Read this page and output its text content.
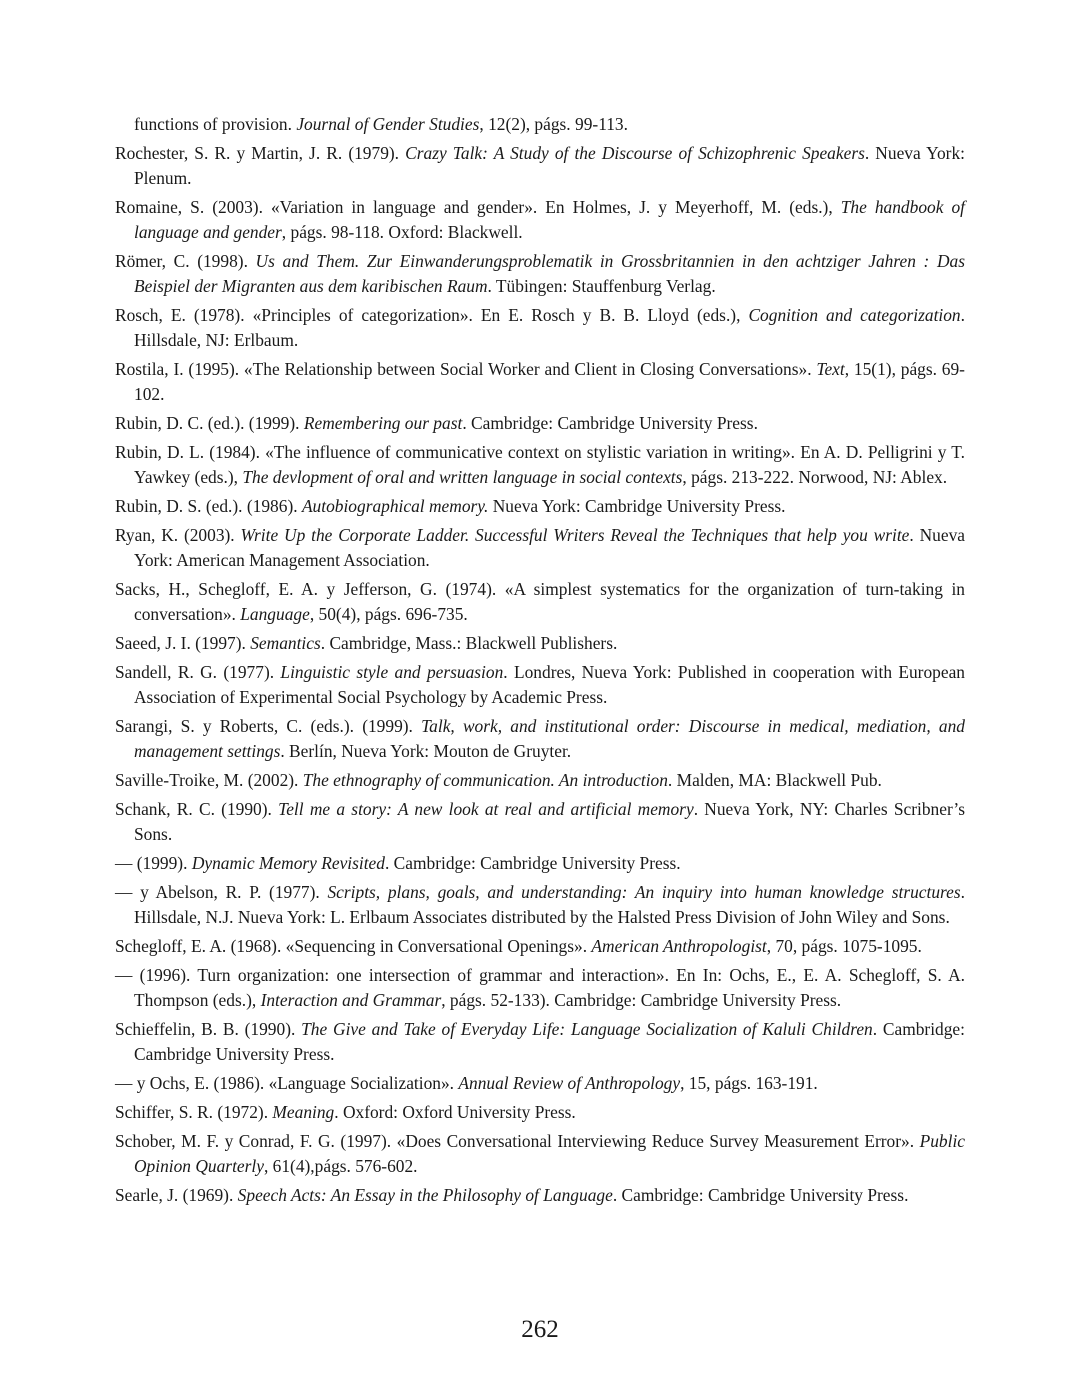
functions of provision. Journal of Gender Studies, 12(2), págs. 99-113.

Rochester, S. R. y Martin, J. R. (1979). Crazy Talk: A Study of the Discourse of Schizophrenic Speakers. Nueva York: Plenum.

Romaine, S. (2003). «Variation in language and gender». En Holmes, J. y Meyerhoff, M. (eds.), The handbook of language and gender, págs. 98-118. Oxford: Blackwell.

Römer, C. (1998). Us and Them. Zur Einwanderungsproblematik in Grossbritannien in den achtziger Jahren : Das Beispiel der Migranten aus dem karibischen Raum. Tübingen: Stauffenburg Verlag.

Rosch, E. (1978). «Principles of categorization». En E. Rosch y B. B. Lloyd (eds.), Cognition and categorization. Hillsdale, NJ: Erlbaum.

Rostila, I. (1995). «The Relationship between Social Worker and Client in Closing Conversations». Text, 15(1), págs. 69-102.

Rubin, D. C. (ed.). (1999). Remembering our past. Cambridge: Cambridge University Press.

Rubin, D. L. (1984). «The influence of communicative context on stylistic variation in writing». En A. D. Pelligrini y T. Yawkey (eds.), The devlopment of oral and written language in social contexts, págs. 213-222. Norwood, NJ: Ablex.

Rubin, D. S. (ed.). (1986). Autobiographical memory. Nueva York: Cambridge University Press.

Ryan, K. (2003). Write Up the Corporate Ladder. Successful Writers Reveal the Techniques that help you write. Nueva York: American Management Association.

Sacks, H., Schegloff, E. A. y Jefferson, G. (1974). «A simplest systematics for the organization of turn-taking in conversation». Language, 50(4), págs. 696-735.

Saeed, J. I. (1997). Semantics. Cambridge, Mass.: Blackwell Publishers.

Sandell, R. G. (1977). Linguistic style and persuasion. Londres, Nueva York: Published in cooperation with European Association of Experimental Social Psychology by Academic Press.

Sarangi, S. y Roberts, C. (eds.). (1999). Talk, work, and institutional order: Discourse in medical, mediation, and management settings. Berlín, Nueva York: Mouton de Gruyter.

Saville-Troike, M. (2002). The ethnography of communication. An introduction. Malden, MA: Blackwell Pub.

Schank, R. C. (1990). Tell me a story: A new look at real and artificial memory. Nueva York, NY: Charles Scribner’s Sons.

— (1999). Dynamic Memory Revisited. Cambridge: Cambridge University Press.

— y Abelson, R. P. (1977). Scripts, plans, goals, and understanding: An inquiry into human knowledge structures. Hillsdale, N.J. Nueva York: L. Erlbaum Associates distributed by the Halsted Press Division of John Wiley and Sons.

Schegloff, E. A. (1968). «Sequencing in Conversational Openings». American Anthropologist, 70, págs. 1075-1095.

— (1996). Turn organization: one intersection of grammar and interaction». En In: Ochs, E., E. A. Schegloff, S. A. Thompson (eds.), Interaction and Grammar, págs. 52-133). Cambridge: Cambridge University Press.

Schieffelin, B. B. (1990). The Give and Take of Everyday Life: Language Socialization of Kaluli Children. Cambridge: Cambridge University Press.

— y Ochs, E. (1986). «Language Socialization». Annual Review of Anthropology, 15, págs. 163-191.

Schiffer, S. R. (1972). Meaning. Oxford: Oxford University Press.

Schober, M. F. y Conrad, F. G. (1997). «Does Conversational Interviewing Reduce Survey Measurement Error». Public Opinion Quarterly, 61(4),págs. 576-602.

Searle, J. (1969). Speech Acts: An Essay in the Philosophy of Language. Cambridge: Cambridge University Press.

262
